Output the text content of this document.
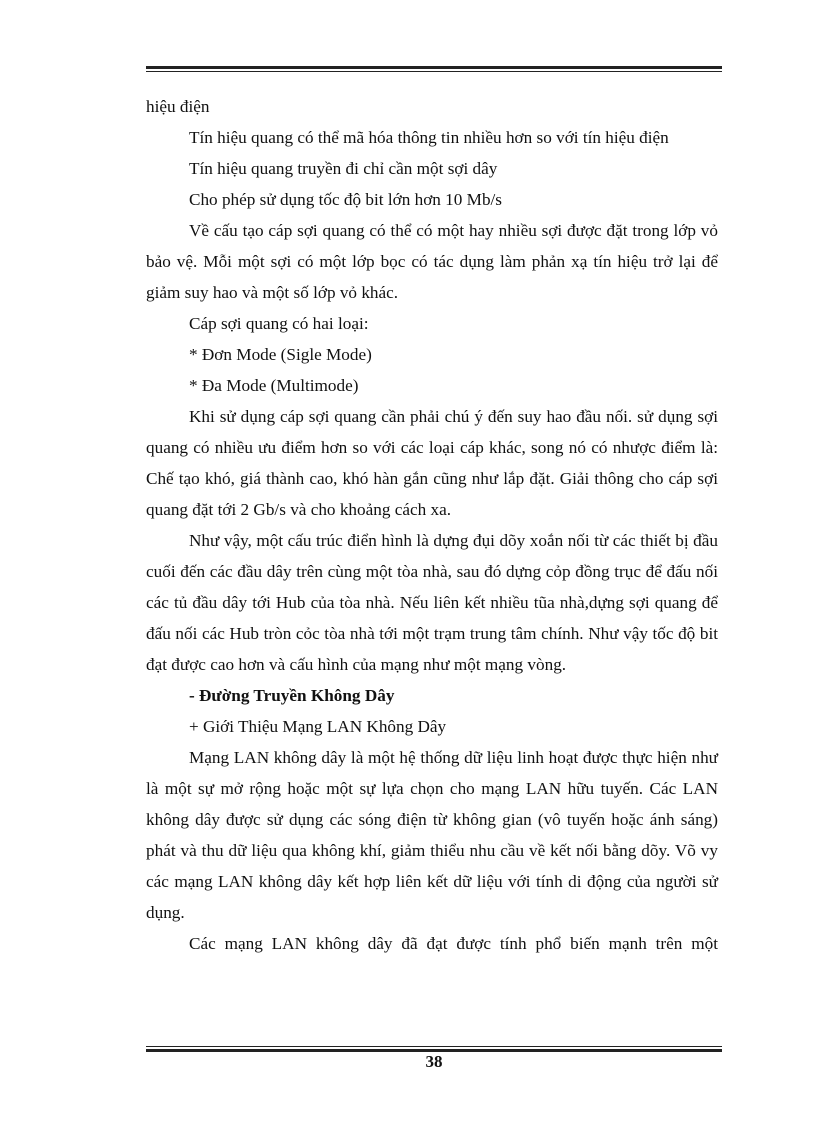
hiệu điện

Tín hiệu quang có thể mã hóa thông tin nhiều hơn so với tín hiệu điện

Tín hiệu quang truyền đi chỉ cần một sợi dây

Cho phép sử dụng tốc độ bit lớn hơn 10 Mb/s

Về cấu tạo cáp sợi quang có thể có một hay nhiều sợi được đặt trong lớp vỏ bảo vệ. Mỗi một sợi có một lớp bọc có tác dụng làm phản xạ tín hiệu trở lại để giảm suy hao và một số lớp vỏ khác.

Cáp sợi quang có hai loại:

* Đơn Mode (Sigle Mode)

* Đa Mode (Multimode)

Khi sử dụng cáp sợi quang cần phải chú ý đến suy hao đầu nối. sử dụng sợi quang có nhiều ưu điểm hơn so với các loại cáp khác, song nó có nhược điểm là: Chế tạo khó, giá thành cao, khó hàn gắn cũng như lắp đặt. Giải thông cho cáp sợi quang đặt tới 2 Gb/s và cho khoảng cách xa.

Như vậy, một cấu trúc điển hình là dựng đụi dõy xoắn nối từ các thiết bị đầu cuối đến các đầu dây trên cùng một tòa nhà, sau đó dựng cỏp đồng trục để đấu nối các tủ đầu dây tới Hub của tòa nhà. Nếu liên kết nhiều tũa nhà,dựng sợi quang để đấu nối các Hub tròn cỏc tòa nhà tới một trạm trung tâm chính. Như vậy tốc độ bit đạt được cao hơn và cấu hình của mạng như một mạng vòng.

- Đường Truyền Không Dây

+ Giới Thiệu Mạng LAN Không Dây

Mạng LAN không dây là một hệ thống dữ liệu linh hoạt được thực hiện như là một sự mở rộng hoặc một sự lựa chọn cho mạng LAN hữu tuyến. Các LAN không dây được sử dụng các sóng điện từ không gian (vô tuyến hoặc ánh sáng) phát và thu dữ liệu qua không khí, giảm thiểu nhu cầu về kết nối bằng dõy. Võ vy các mạng LAN không dây kết hợp liên kết dữ liệu với tính di động của người sử dụng.

Các mạng LAN không dây đã đạt được tính phổ biến mạnh trên một

38
